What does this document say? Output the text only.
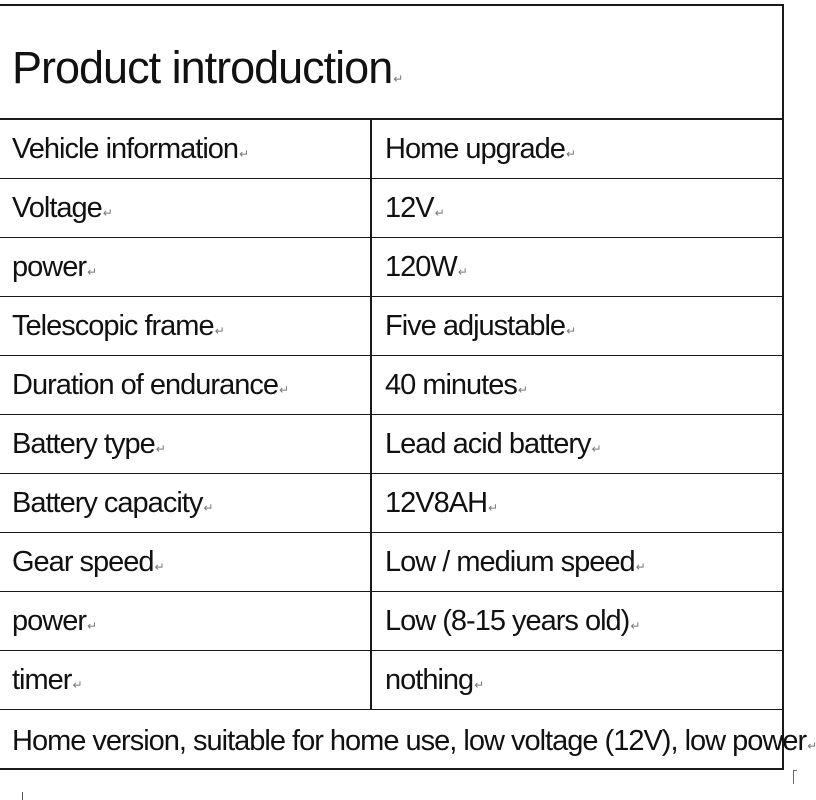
Product introduction↵
Vehicle information↵	Home upgrade↵
Voltage↵	12V↵
power↵	120W↵
Telescopic frame↵	Five adjustable↵
Duration of endurance↵	40 minutes↵
Battery type↵	Lead acid battery↵
Battery capacity↵	12V8AH↵
Gear speed↵	Low / medium speed↵
power↵	Low (8-15 years old)↵
timer↵	nothing↵
Home version, suitable for home use, low voltage (12V), low power↵
